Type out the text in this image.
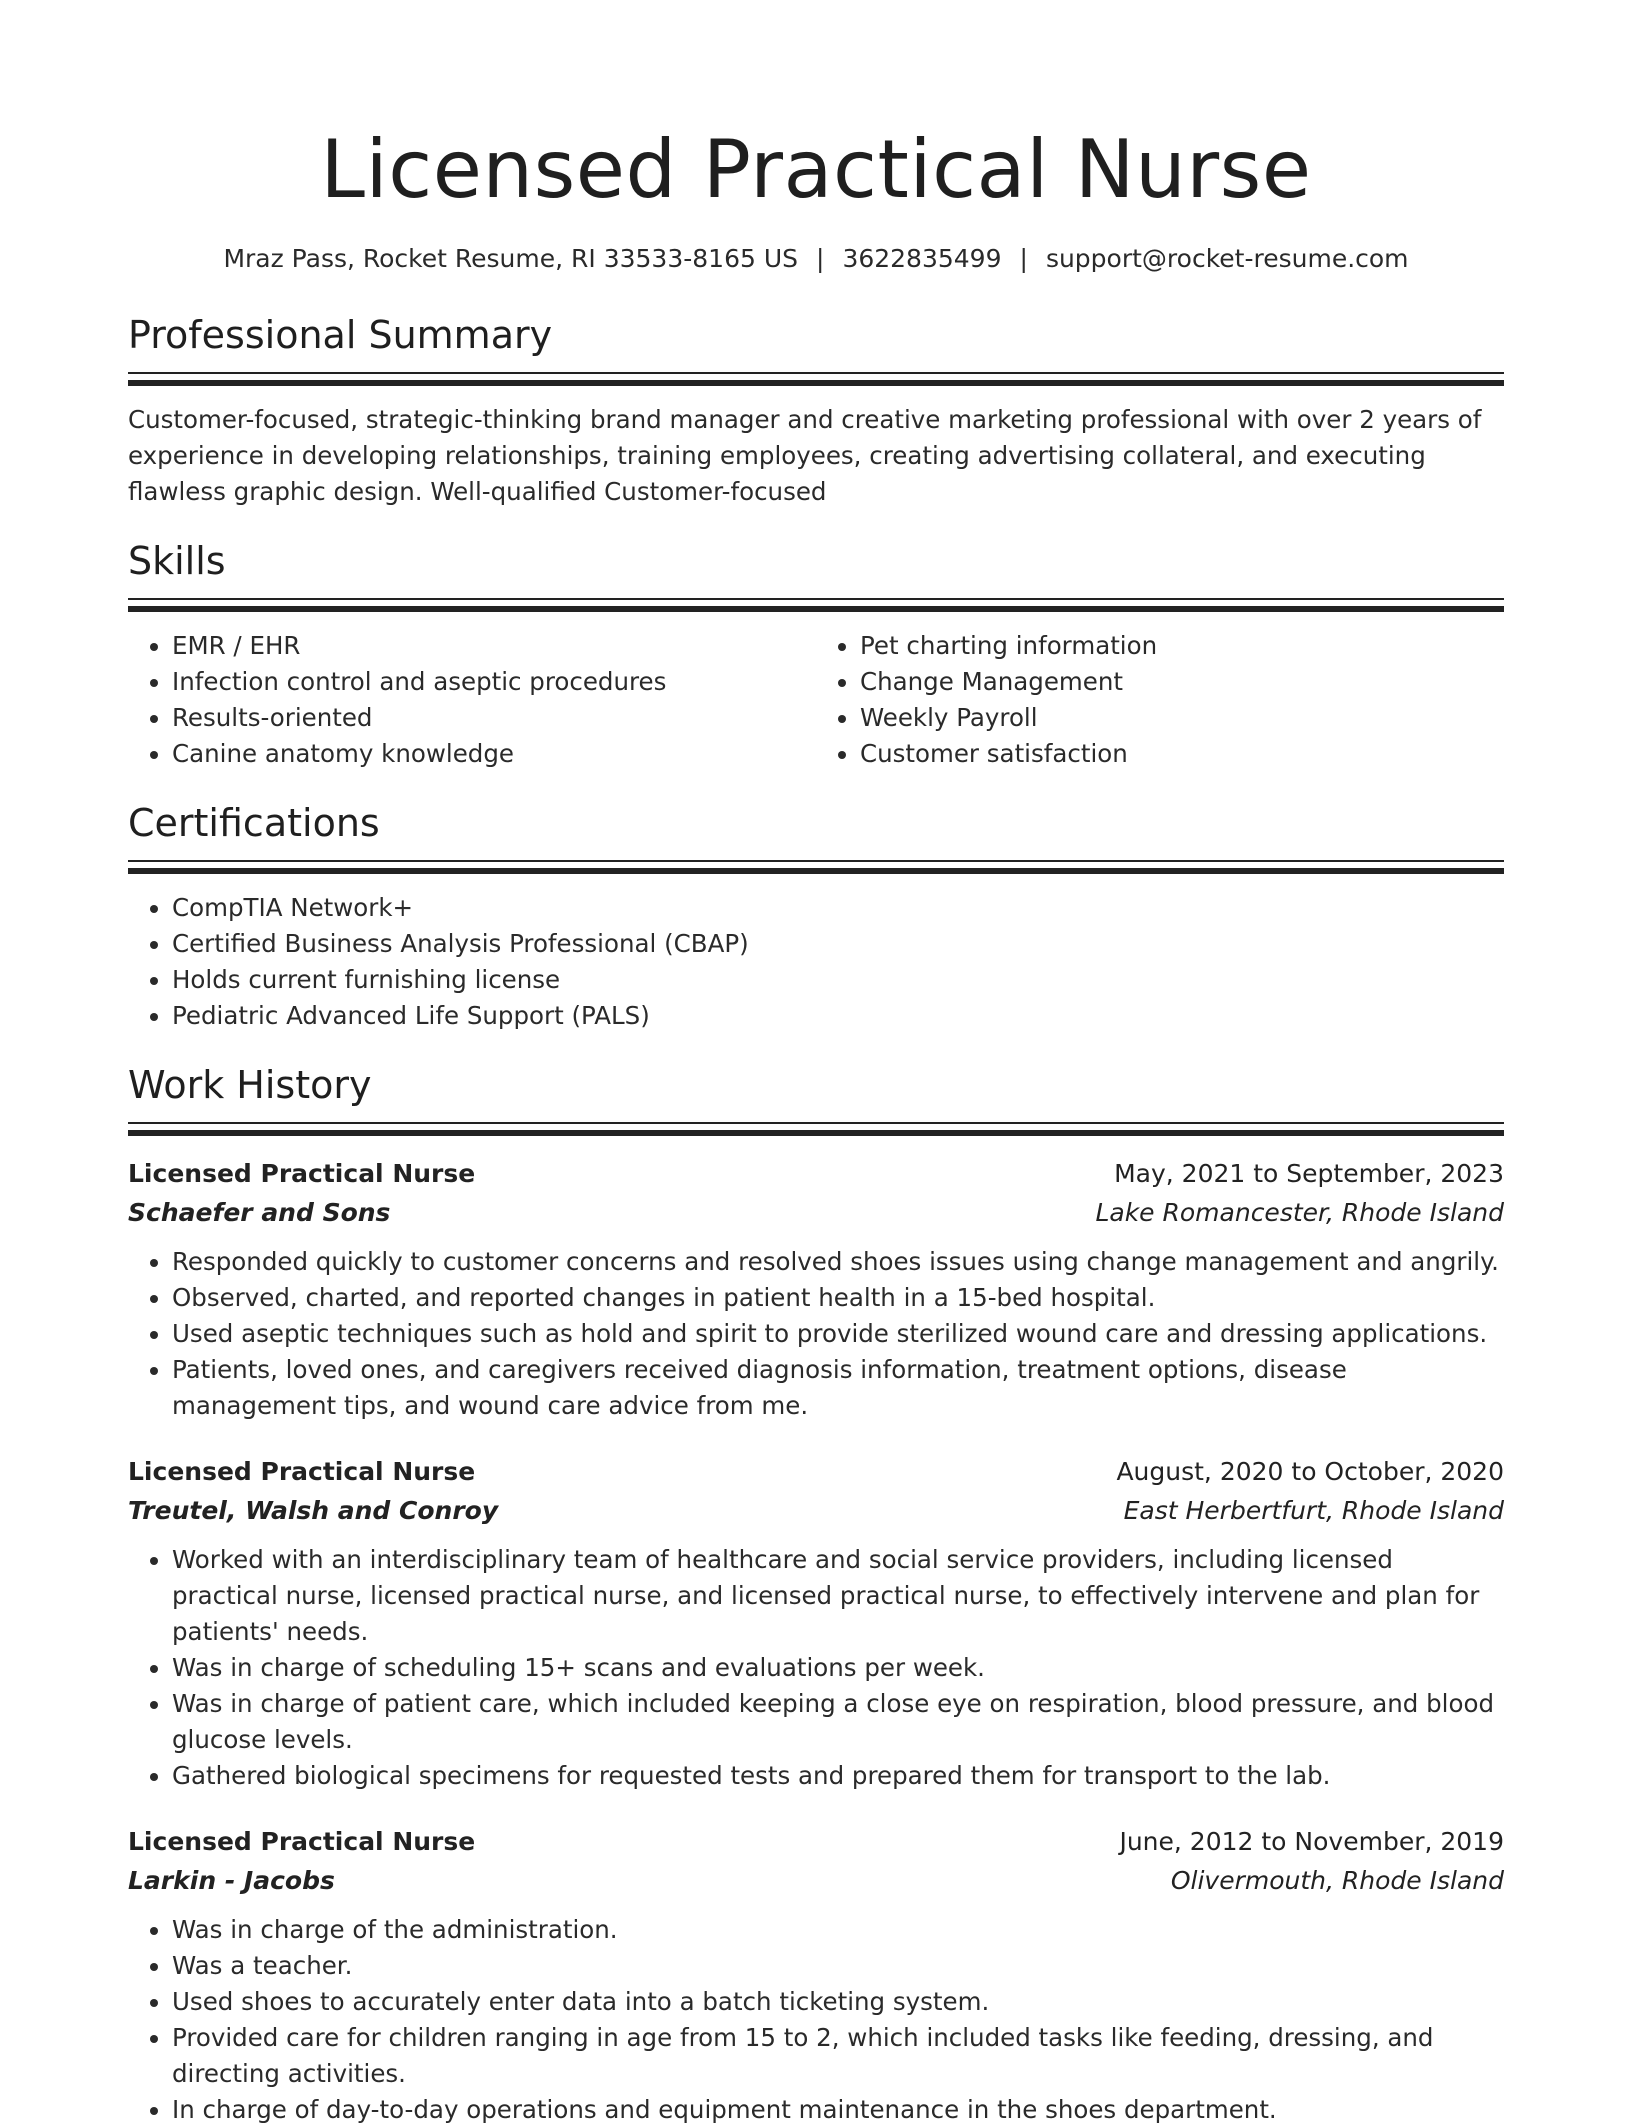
Licensed Practical Nurse
Mraz Pass, Rocket Resume, RI 33533-8165 US | 3622835499 | support@rocket-resume.com
Professional Summary

Customer-focused, strategic-thinking brand manager and creative marketing professional with over 2 years of experience in developing relationships, training employees, creating advertising collateral, and executing flawless graphic design. Well-qualified Customer-focused

Skills
• EMR / EHR
• Infection control and aseptic procedures
• Results-oriented
• Canine anatomy knowledge
• Pet charting information
• Change Management
• Weekly Payroll
• Customer satisfaction
Certifications
• CompTIA Network+
• Certified Business Analysis Professional (CBAP)
• Holds current furnishing license
• Pediatric Advanced Life Support (PALS)
Work History
Licensed Practical Nurse	May, 2021 to September, 2023
Schaefer and Sons	Lake Romancester, Rhode Island
• Responded quickly to customer concerns and resolved shoes issues using change management and angrily.
• Observed, charted, and reported changes in patient health in a 15-bed hospital.
• Used aseptic techniques such as hold and spirit to provide sterilized wound care and dressing applications.
• Patients, loved ones, and caregivers received diagnosis information, treatment options, disease management tips, and wound care advice from me.
Licensed Practical Nurse	August, 2020 to October, 2020
Treutel, Walsh and Conroy	East Herbertfurt, Rhode Island
• Worked with an interdisciplinary team of healthcare and social service providers, including licensed practical nurse, licensed practical nurse, and licensed practical nurse, to effectively intervene and plan for patients' needs.
• Was in charge of scheduling 15+ scans and evaluations per week.
• Was in charge of patient care, which included keeping a close eye on respiration, blood pressure, and blood glucose levels.
• Gathered biological specimens for requested tests and prepared them for transport to the lab.
Licensed Practical Nurse	June, 2012 to November, 2019
Larkin - Jacobs	Olivermouth, Rhode Island
• Was in charge of the administration.
• Was a teacher.
• Used shoes to accurately enter data into a batch ticketing system.
• Provided care for children ranging in age from 15 to 2, which included tasks like feeding, dressing, and directing activities.
• In charge of day-to-day operations and equipment maintenance in the shoes department.
